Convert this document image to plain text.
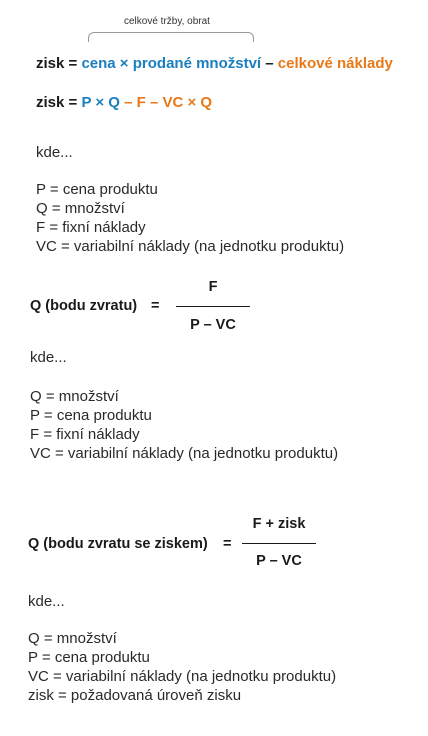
celkové tržby, obrat
zisk = cena × prodané množství – celkové náklady
zisk = P × Q – F – VC × Q
kde...
P = cena produktu
Q = množství
F = fixní náklady
VC = variabilní náklady (na jednotku produktu)
Q (bodu zvratu) =
F
P – VC
kde...
Q = množství
P = cena produktu
F = fixní náklady
VC = variabilní náklady (na jednotku produktu)
Q (bodu zvratu se ziskem) =
F + zisk
P – VC
kde...
Q = množství
P = cena produktu
VC = variabilní náklady (na jednotku produktu)
zisk = požadovaná úroveň zisku
